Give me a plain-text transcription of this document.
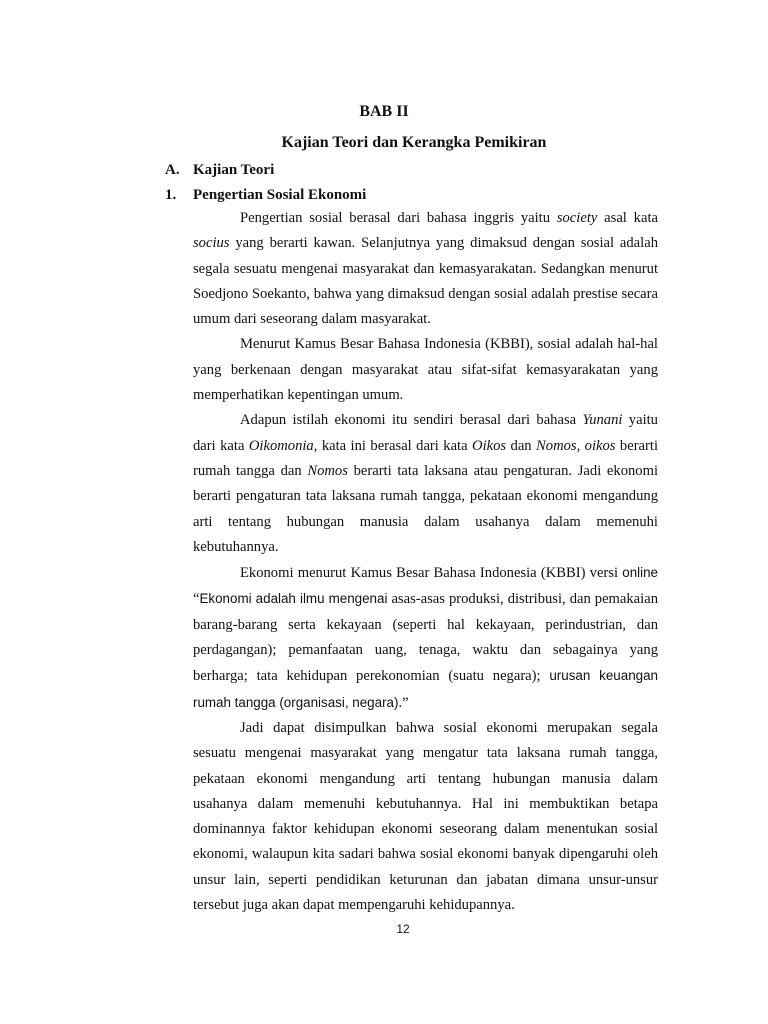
BAB II
Kajian Teori dan Kerangka Pemikiran
A. Kajian Teori
1. Pengertian Sosial Ekonomi

Pengertian sosial berasal dari bahasa inggris yaitu society asal kata socius yang berarti kawan. Selanjutnya yang dimaksud dengan sosial adalah segala sesuatu mengenai masyarakat dan kemasyarakatan. Sedangkan menurut Soedjono Soekanto, bahwa yang dimaksud dengan sosial adalah prestise secara umum dari seseorang dalam masyarakat.

Menurut Kamus Besar Bahasa Indonesia (KBBI), sosial adalah hal-hal yang berkenaan dengan masyarakat atau sifat-sifat kemasyarakatan yang memperhatikan kepentingan umum.

Adapun istilah ekonomi itu sendiri berasal dari bahasa Yunani yaitu dari kata Oikomonia, kata ini berasal dari kata Oikos dan Nomos, oikos berarti rumah tangga dan Nomos berarti tata laksana atau pengaturan. Jadi ekonomi berarti pengaturan tata laksana rumah tangga, pekataan ekonomi mengandung arti tentang hubungan manusia dalam usahanya dalam memenuhi kebutuhannya.

Ekonomi menurut Kamus Besar Bahasa Indonesia (KBBI) versi online “Ekonomi adalah ilmu mengenai asas-asas produksi, distribusi, dan pemakaian barang-barang serta kekayaan (seperti hal kekayaan, perindustrian, dan perdagangan); pemanfaatan uang, tenaga, waktu dan sebagainya yang berharga; tata kehidupan perekonomian (suatu negara); urusan keuangan rumah tangga (organisasi, negara).”

Jadi dapat disimpulkan bahwa sosial ekonomi merupakan segala sesuatu mengenai masyarakat yang mengatur tata laksana rumah tangga, pekataan ekonomi mengandung arti tentang hubungan manusia dalam usahanya dalam memenuhi kebutuhannya. Hal ini membuktikan betapa dominannya faktor kehidupan ekonomi seseorang dalam menentukan sosial ekonomi, walaupun kita sadari bahwa sosial ekonomi banyak dipengaruhi oleh unsur lain, seperti pendidikan keturunan dan jabatan dimana unsur-unsur tersebut juga akan dapat mempengaruhi kehidupannya.

12
